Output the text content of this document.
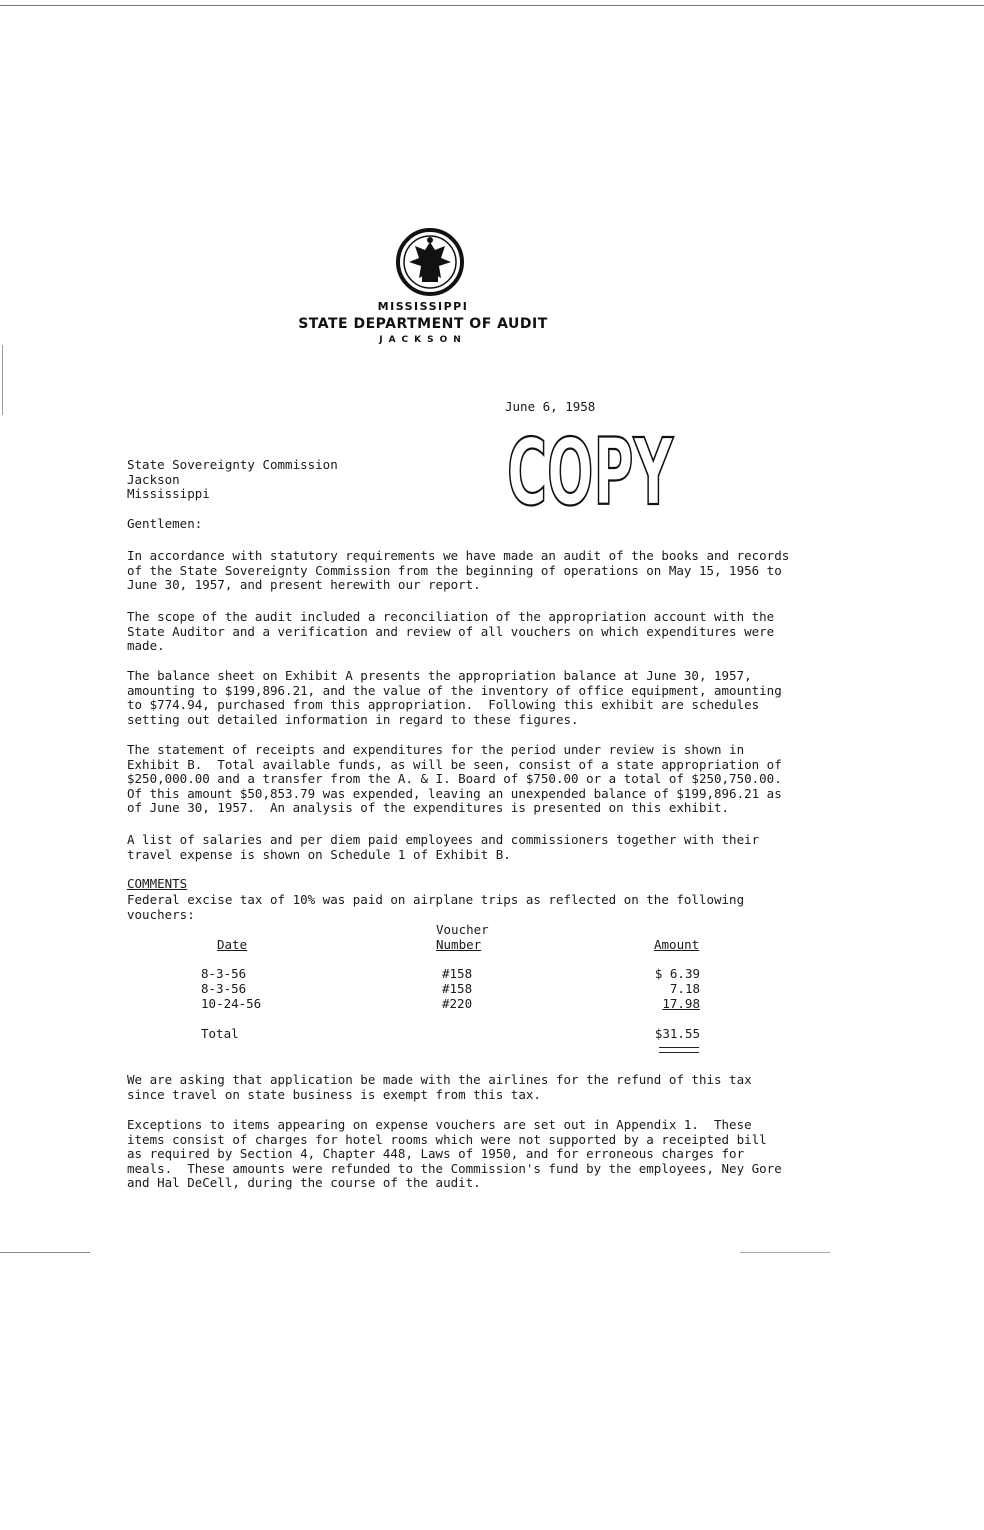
MISSISSIPPI
STATE DEPARTMENT OF AUDIT
JACKSON
June 6, 1958
COPY
State Sovereignty Commission
Jackson
Mississippi
Gentlemen:
In accordance with statutory requirements we have made an audit of the books and records
of the State Sovereignty Commission from the beginning of operations on May 15, 1956 to
June 30, 1957, and present herewith our report.
The scope of the audit included a reconciliation of the appropriation account with the
State Auditor and a verification and review of all vouchers on which expenditures were
made.
The balance sheet on Exhibit A presents the appropriation balance at June 30, 1957,
amounting to $199,896.21, and the value of the inventory of office equipment, amounting
to $774.94, purchased from this appropriation.  Following this exhibit are schedules
setting out detailed information in regard to these figures.
The statement of receipts and expenditures for the period under review is shown in
Exhibit B.  Total available funds, as will be seen, consist of a state appropriation of
$250,000.00 and a transfer from the A. & I. Board of $750.00 or a total of $250,750.00.
Of this amount $50,853.79 was expended, leaving an unexpended balance of $199,896.21 as
of June 30, 1957.  An analysis of the expenditures is presented on this exhibit.
A list of salaries and per diem paid employees and commissioners together with their
travel expense is shown on Schedule 1 of Exhibit B.
COMMENTS
Federal excise tax of 10% was paid on airplane trips as reflected on the following
vouchers:
Voucher
Date	Number	Amount
8-3-56	#158	$ 6.39
8-3-56	#158	7.18
10-24-56	#220	17.98
Total	$31.55
We are asking that application be made with the airlines for the refund of this tax
since travel on state business is exempt from this tax.
Exceptions to items appearing on expense vouchers are set out in Appendix 1.  These
items consist of charges for hotel rooms which were not supported by a receipted bill
as required by Section 4, Chapter 448, Laws of 1950, and for erroneous charges for
meals.  These amounts were refunded to the Commission's fund by the employees, Ney Gore
and Hal DeCell, during the course of the audit.
